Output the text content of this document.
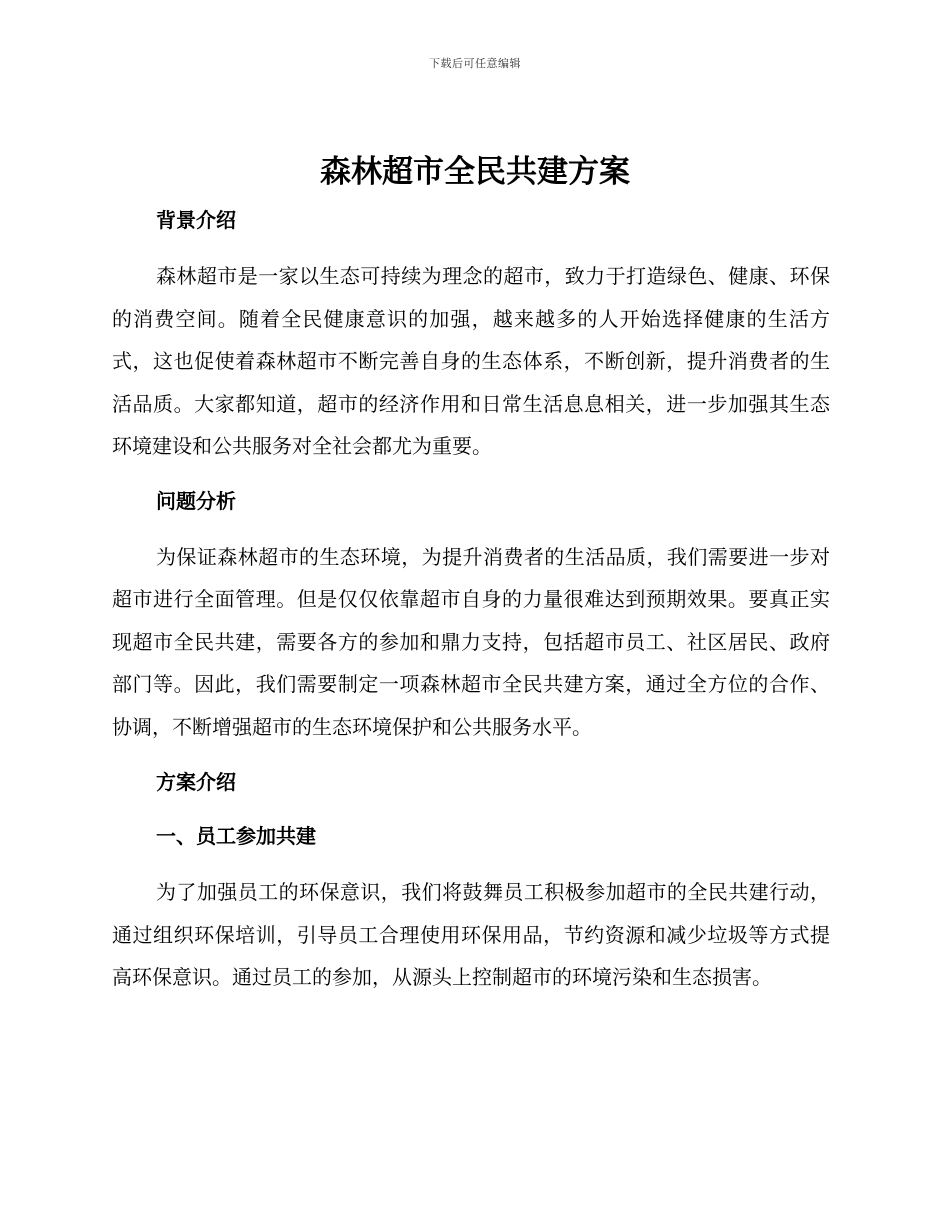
下载后可任意编辑
森林超市全民共建方案
背景介绍

森林超市是一家以生态可持续为理念的超市，致力于打造绿色、健康、环保的消费空间。随着全民健康意识的加强，越来越多的人开始选择健康的生活方式，这也促使着森林超市不断完善自身的生态体系，不断创新，提升消费者的生活品质。大家都知道，超市的经济作用和日常生活息息相关，进一步加强其生态环境建设和公共服务对全社会都尤为重要。

问题分析

为保证森林超市的生态环境，为提升消费者的生活品质，我们需要进一步对超市进行全面管理。但是仅仅依靠超市自身的力量很难达到预期效果。要真正实现超市全民共建，需要各方的参加和鼎力支持，包括超市员工、社区居民、政府部门等。因此，我们需要制定一项森林超市全民共建方案，通过全方位的合作、协调，不断增强超市的生态环境保护和公共服务水平。

方案介绍
一、员工参加共建

为了加强员工的环保意识，我们将鼓舞员工积极参加超市的全民共建行动，通过组织环保培训，引导员工合理使用环保用品，节约资源和减少垃圾等方式提高环保意识。通过员工的参加，从源头上控制超市的环境污染和生态损害。
